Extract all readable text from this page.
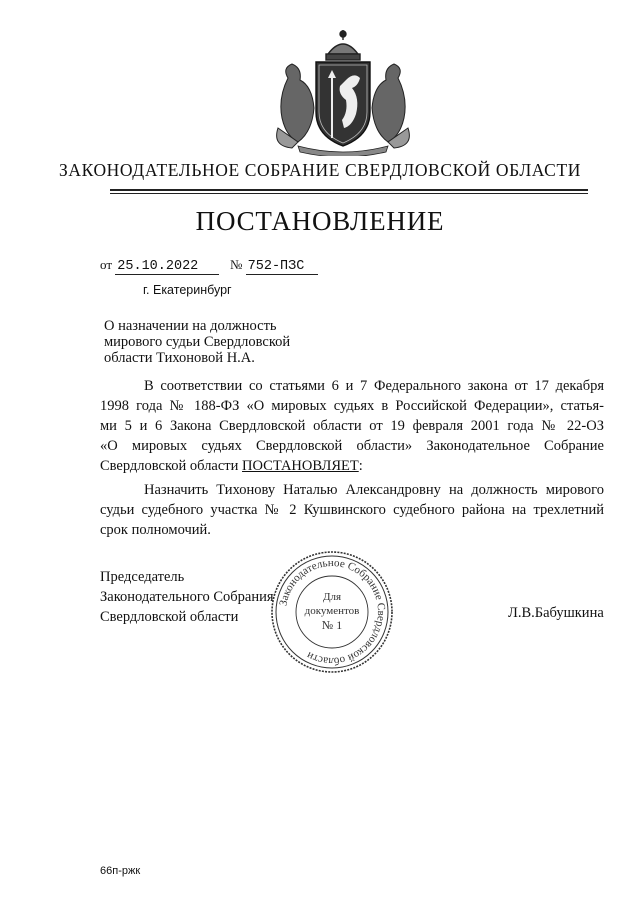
ЗАКОНОДАТЕЛЬНОЕ СОБРАНИЕ СВЕРДЛОВСКОЙ ОБЛАСТИ
ПОСТАНОВЛЕНИЕ
от 25.10.2022	№ 752-ПЗС
г. Екатеринбург
О назначении на должность
мирового судьи Свердловской
области Тихоновой Н.А.
В соответствии со статьями 6 и 7 Федерального закона от 17 декабря
1998 года № 188-ФЗ «О мировых судьях в Российской Федерации», статья-
ми 5 и 6 Закона Свердловской области от 19 февраля 2001 года № 22-ОЗ
«О мировых судьях Свердловской области» Законодательное Собрание
Свердловской области ПОСТАНОВЛЯЕТ:
Назначить Тихонову Наталью Александровну на должность мирового
судьи судебного участка № 2 Кушвинского судебного района на трехлетний
срок полномочий.
Председатель
Законодательного Собрания
Свердловской области	Л.В.Бабушкина
Законодательное Собрание Свердловской области
Для
документов
№ 1
66п-ржк
